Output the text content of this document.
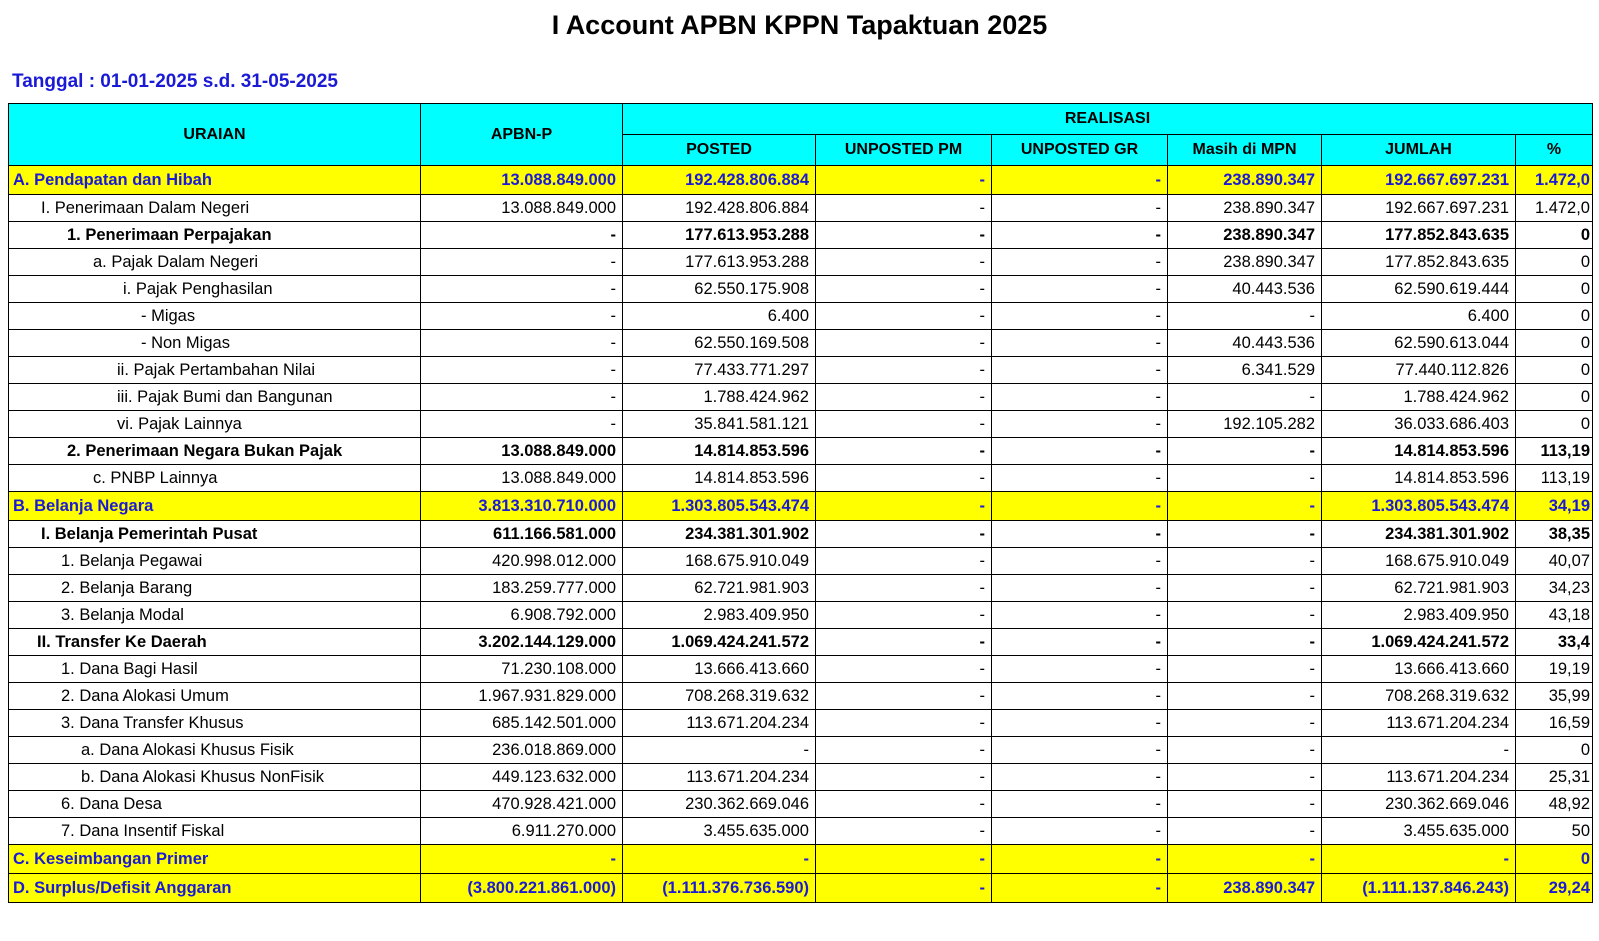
I Account APBN KPPN Tapaktuan 2025
Tanggal : 01-01-2025 s.d. 31-05-2025
URAIAN	APBN-P	REALISASI					
		POSTED	UNPOSTED PM	UNPOSTED GR	Masih di MPN	JUMLAH	%
A. Pendapatan dan Hibah	13.088.849.000	192.428.806.884	-	-	238.890.347	192.667.697.231	1.472,0
I. Penerimaan Dalam Negeri	13.088.849.000	192.428.806.884	-	-	238.890.347	192.667.697.231	1.472,0
1. Penerimaan Perpajakan	-	177.613.953.288	-	-	238.890.347	177.852.843.635	0
a. Pajak Dalam Negeri	-	177.613.953.288	-	-	238.890.347	177.852.843.635	0
i. Pajak Penghasilan	-	62.550.175.908	-	-	40.443.536	62.590.619.444	0
- Migas	-	6.400	-	-	-	6.400	0
- Non Migas	-	62.550.169.508	-	-	40.443.536	62.590.613.044	0
ii. Pajak Pertambahan Nilai	-	77.433.771.297	-	-	6.341.529	77.440.112.826	0
iii. Pajak Bumi dan Bangunan	-	1.788.424.962	-	-	-	1.788.424.962	0
vi. Pajak Lainnya	-	35.841.581.121	-	-	192.105.282	36.033.686.403	0
2. Penerimaan Negara Bukan Pajak	13.088.849.000	14.814.853.596	-	-	-	14.814.853.596	113,19
c. PNBP Lainnya	13.088.849.000	14.814.853.596	-	-	-	14.814.853.596	113,19
B. Belanja Negara	3.813.310.710.000	1.303.805.543.474	-	-	-	1.303.805.543.474	34,19
I. Belanja Pemerintah Pusat	611.166.581.000	234.381.301.902	-	-	-	234.381.301.902	38,35
1. Belanja Pegawai	420.998.012.000	168.675.910.049	-	-	-	168.675.910.049	40,07
2. Belanja Barang	183.259.777.000	62.721.981.903	-	-	-	62.721.981.903	34,23
3. Belanja Modal	6.908.792.000	2.983.409.950	-	-	-	2.983.409.950	43,18
II. Transfer Ke Daerah	3.202.144.129.000	1.069.424.241.572	-	-	-	1.069.424.241.572	33,4
1. Dana Bagi Hasil	71.230.108.000	13.666.413.660	-	-	-	13.666.413.660	19,19
2. Dana Alokasi Umum	1.967.931.829.000	708.268.319.632	-	-	-	708.268.319.632	35,99
3. Dana Transfer Khusus	685.142.501.000	113.671.204.234	-	-	-	113.671.204.234	16,59
a. Dana Alokasi Khusus Fisik	236.018.869.000	-	-	-	-	-	0
b. Dana Alokasi Khusus NonFisik	449.123.632.000	113.671.204.234	-	-	-	113.671.204.234	25,31
6. Dana Desa	470.928.421.000	230.362.669.046	-	-	-	230.362.669.046	48,92
7. Dana Insentif Fiskal	6.911.270.000	3.455.635.000	-	-	-	3.455.635.000	50
C. Keseimbangan Primer	-	-	-	-	-	-	0
D. Surplus/Defisit Anggaran	(3.800.221.861.000)	(1.111.376.736.590)	-	-	238.890.347	(1.111.137.846.243)	29,24
